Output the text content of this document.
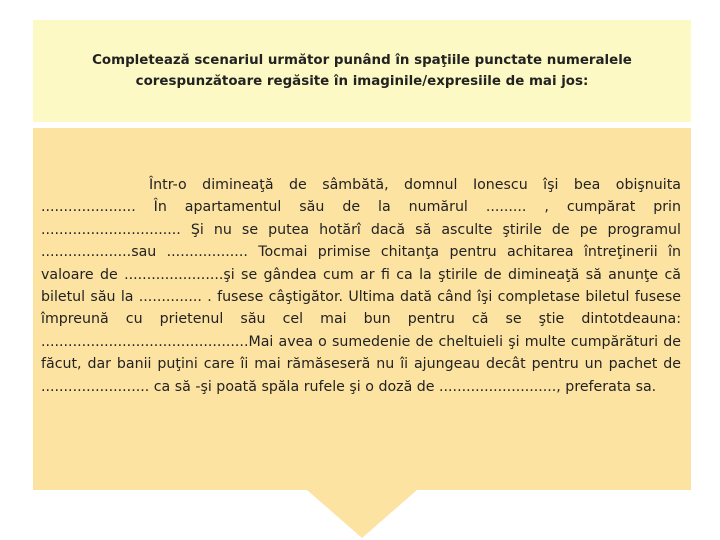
Completează scenariul următor punând în spaţiile punctate numeralele
corespunzătoare regăsite în imaginile/expresiile de mai jos:

Într-o dimineaţă de sâmbătă, domnul Ionescu îşi bea obişnuita ..................... În apartamentul său de la numărul ......... , cumpărat prin ............................... Şi nu se putea hotărî dacă să asculte ştirile de pe programul ....................sau .................. Tocmai primise chitanţa pentru achitarea întreţinerii în valoare de ......................şi se gândea cum ar fi ca la ştirile de dimineaţă să anunţe că biletul său la .............. . fusese câştigător. Ultima dată când îşi completase biletul fusese împreună cu prietenul său cel mai bun pentru că se ştie dintotdeauna: ..............................................Mai avea o sumedenie de cheltuieli şi multe cumpărături de făcut, dar banii puţini care îi mai rămăseseră nu îi ajungeau decât pentru un pachet de ........................ ca să -şi poată spăla rufele şi o doză de .........................., preferata sa.
